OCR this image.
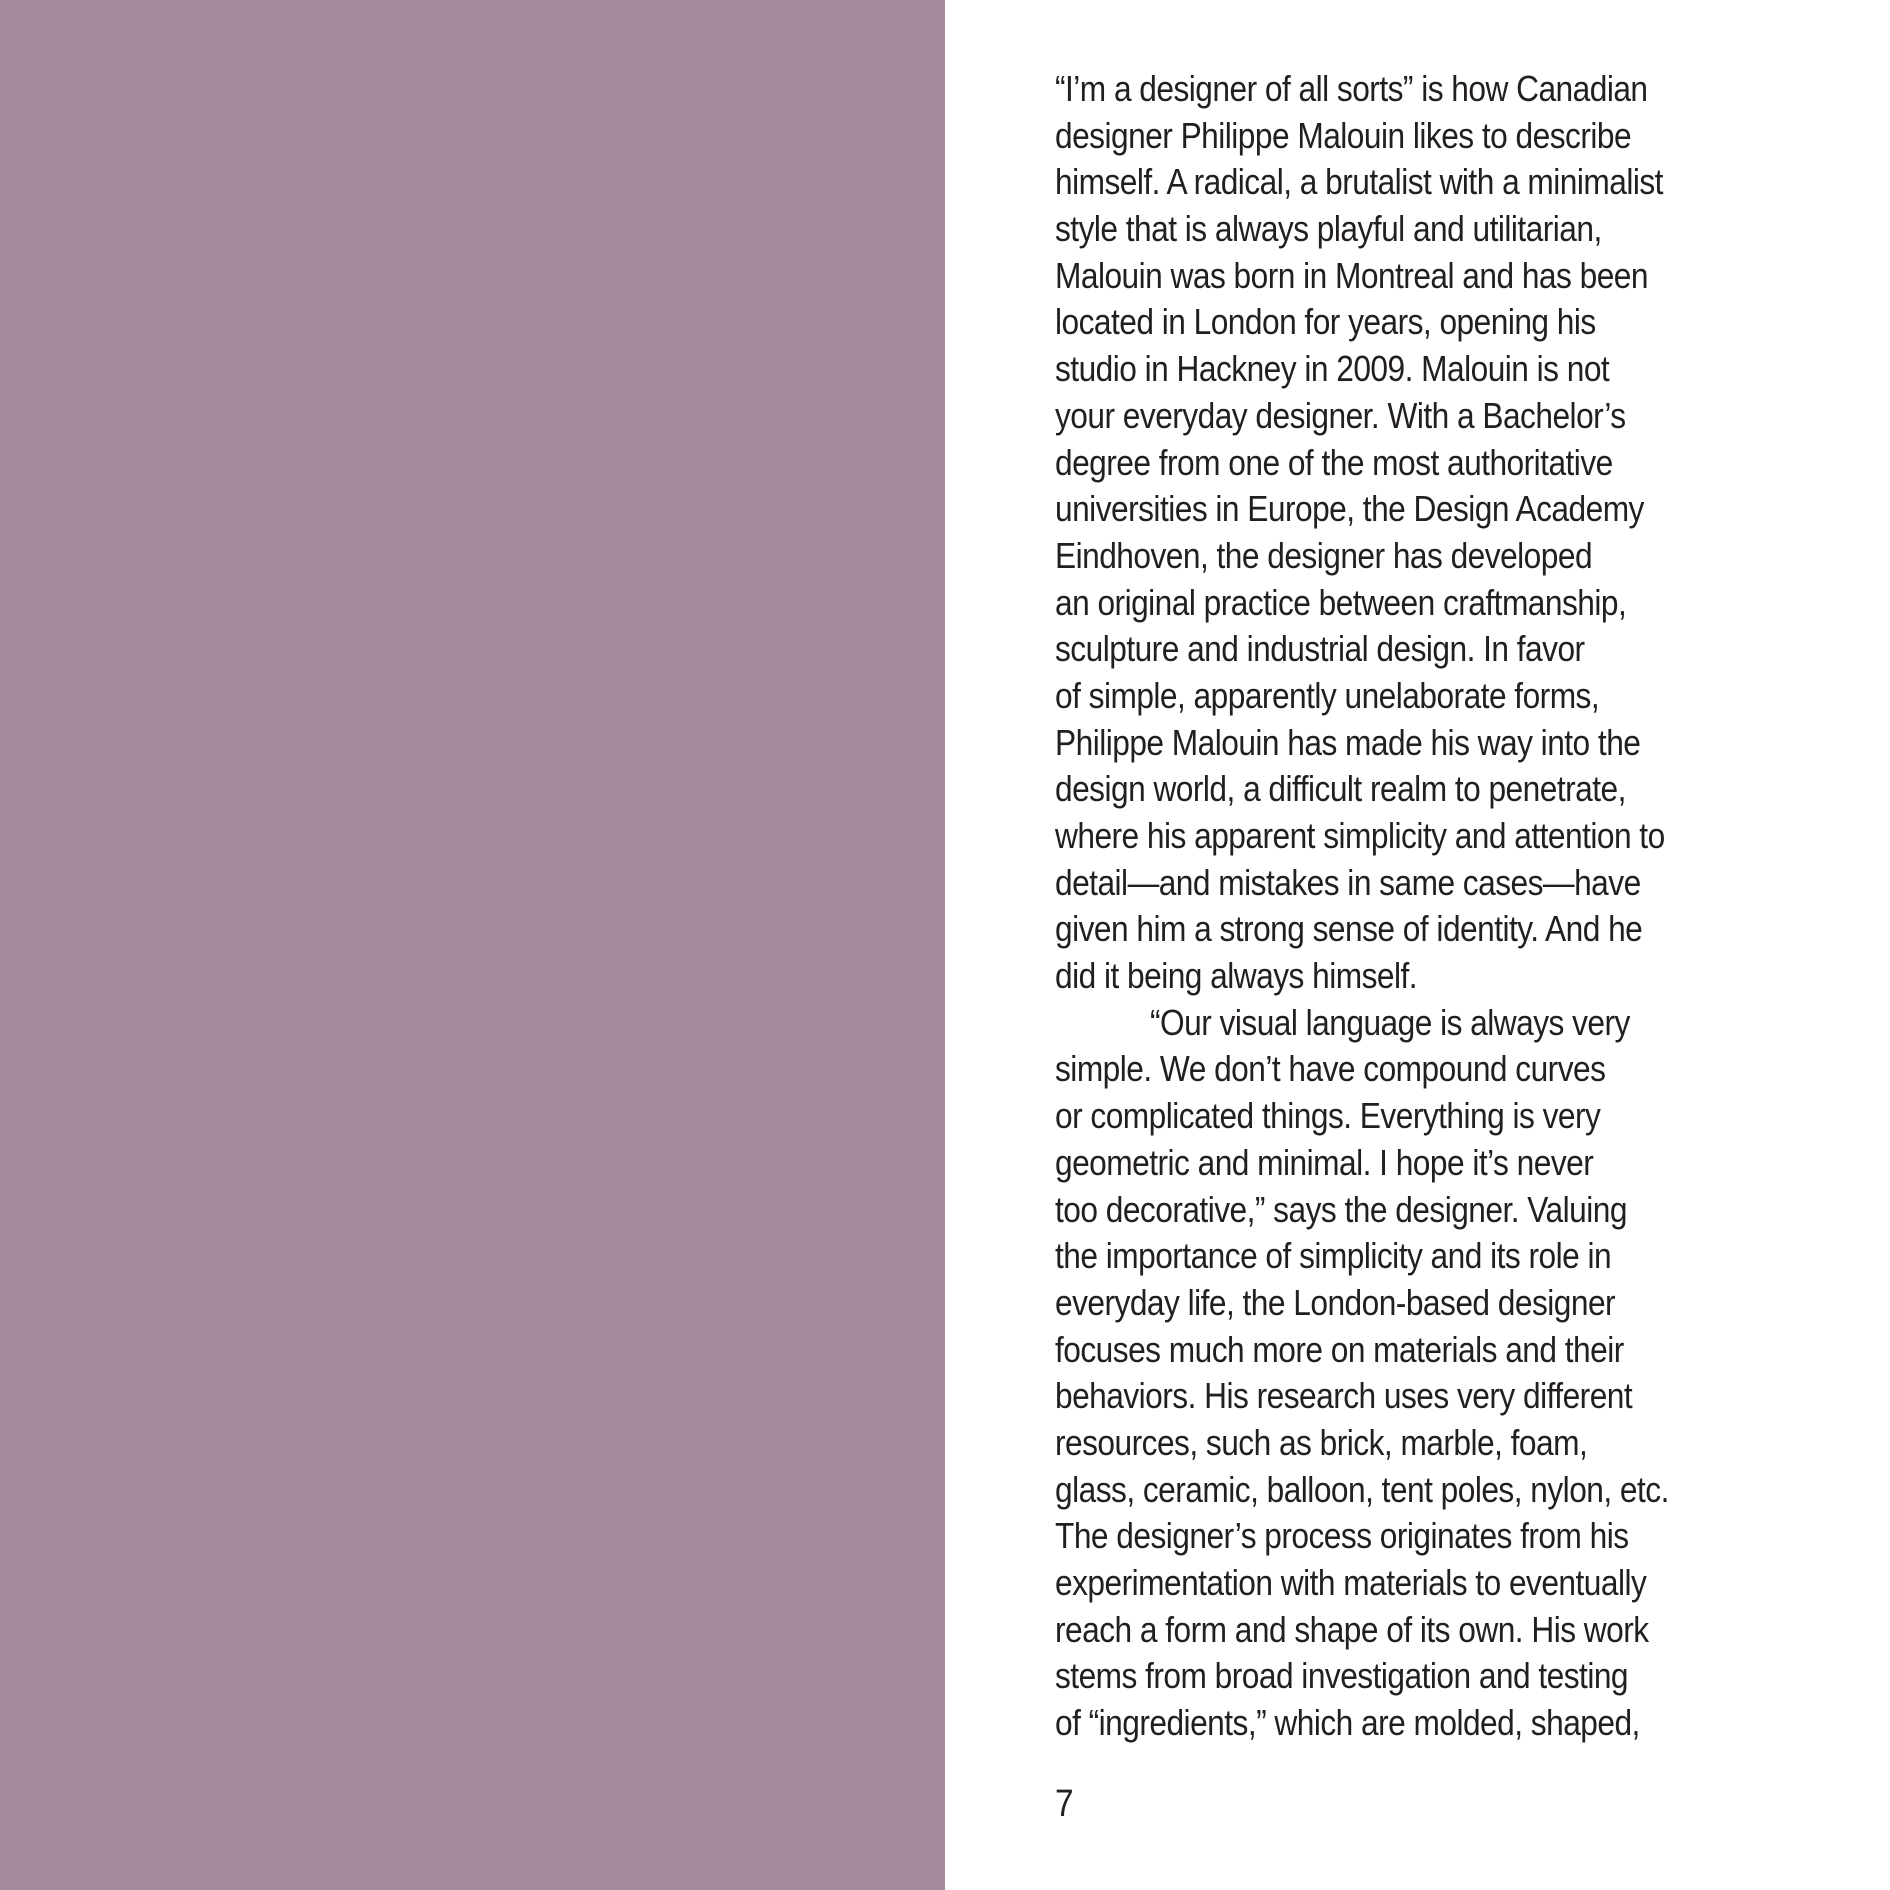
“I’m a designer of all sorts” is how Canadian
designer Philippe Malouin likes to describe
himself. A radical, a brutalist with a minimalist
style that is always playful and utilitarian,
Malouin was born in Montreal and has been
located in London for years, opening his
studio in Hackney in 2009. Malouin is not
your everyday designer. With a Bachelor’s
degree from one of the most authoritative
universities in Europe, the Design Academy
Eindhoven, the designer has developed
an original practice between craftmanship,
sculpture and industrial design. In favor
of simple, apparently unelaborate forms,
Philippe Malouin has made his way into the
design world, a difficult realm to penetrate,
where his apparent simplicity and attention to
detail—and mistakes in same cases—have
given him a strong sense of identity. And he
did it being always himself.
“Our visual language is always very
simple. We don’t have compound curves
or complicated things. Everything is very
geometric and minimal. I hope it’s never
too decorative,” says the designer. Valuing
the importance of simplicity and its role in
everyday life, the London-based designer
focuses much more on materials and their
behaviors. His research uses very different
resources, such as brick, marble, foam,
glass, ceramic, balloon, tent poles, nylon, etc.
The designer’s process originates from his
experimentation with materials to eventually
reach a form and shape of its own. His work
stems from broad investigation and testing
of “ingredients,” which are molded, shaped,
7
